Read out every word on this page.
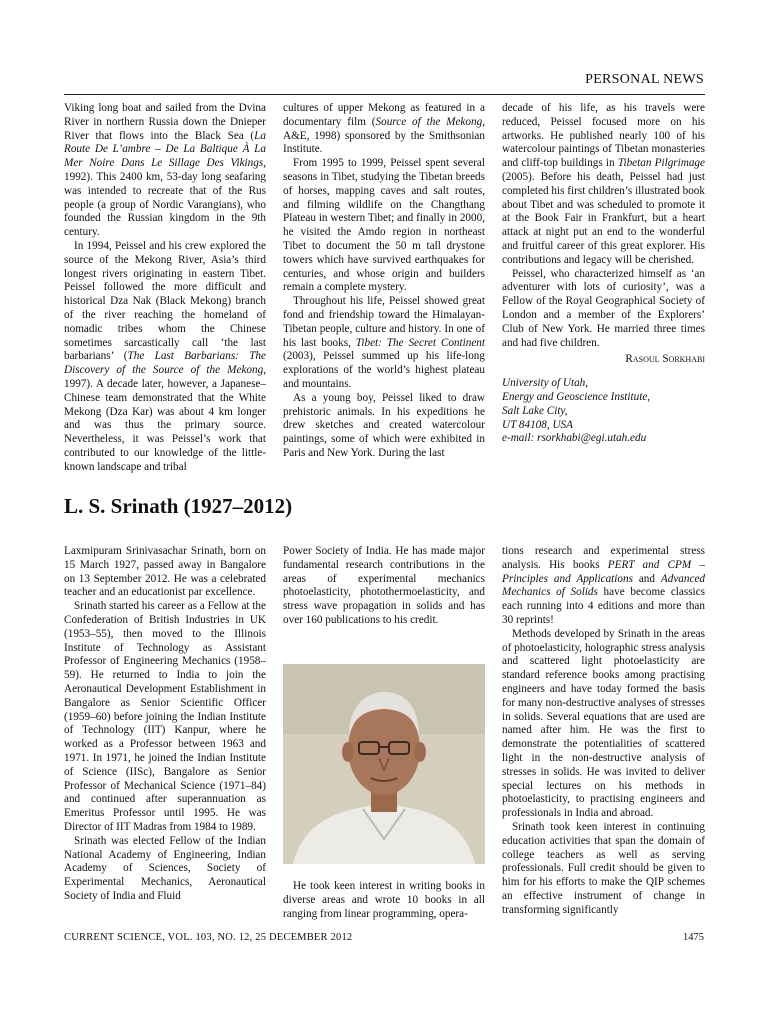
PERSONAL NEWS

Viking long boat and sailed from the Dvina River in northern Russia down the Dnieper River that flows into the Black Sea (La Route De L’ambre – De La Baltique À La Mer Noire Dans Le Sillage Des Vikings, 1992). This 2400 km, 53-day long seafaring was intended to recreate that of the Rus people (a group of Nordic Varangians), who founded the Russian kingdom in the 9th century.

In 1994, Peissel and his crew explored the source of the Mekong River, Asia’s third longest rivers originating in eastern Tibet. Peissel followed the more difficult and historical Dza Nak (Black Mekong) branch of the river reaching the homeland of nomadic tribes whom the Chinese sometimes sarcastically call ‘the last barbarians’ (The Last Barbarians: The Discovery of the Source of the Mekong, 1997). A decade later, however, a Japanese–Chinese team demonstrated that the White Mekong (Dza Kar) was about 4 km longer and was thus the primary source. Nevertheless, it was Peissel’s work that contributed to our knowledge of the little-known landscape and tribal

cultures of upper Mekong as featured in a documentary film (Source of the Mekong, A&E, 1998) sponsored by the Smithsonian Institute.

From 1995 to 1999, Peissel spent several seasons in Tibet, studying the Tibetan breeds of horses, mapping caves and salt routes, and filming wildlife on the Changthang Plateau in western Tibet; and finally in 2000, he visited the Amdo region in northeast Tibet to document the 50 m tall drystone towers which have survived earthquakes for centuries, and whose origin and builders remain a complete mystery.

Throughout his life, Peissel showed great fond and friendship toward the Himalayan-Tibetan people, culture and history. In one of his last books, Tibet: The Secret Continent (2003), Peissel summed up his life-long explorations of the world’s highest plateau and mountains.

As a young boy, Peissel liked to draw prehistoric animals. In his expeditions he drew sketches and created watercolour paintings, some of which were exhibited in Paris and New York. During the last

decade of his life, as his travels were reduced, Peissel focused more on his artworks. He published nearly 100 of his watercolour paintings of Tibetan monasteries and cliff-top buildings in Tibetan Pilgrimage (2005). Before his death, Peissel had just completed his first children’s illustrated book about Tibet and was scheduled to promote it at the Book Fair in Frankfurt, but a heart attack at night put an end to the wonderful and fruitful career of this great explorer. His contributions and legacy will be cherished.

Peissel, who characterized himself as ‘an adventurer with lots of curiosity’, was a Fellow of the Royal Geographical Society of London and a member of the Explorers’ Club of New York. He married three times and had five children.

Rasoul Sorkhabi

University of Utah,
Energy and Geoscience Institute,
Salt Lake City,
UT 84108, USA
e-mail: rsorkhabi@egi.utah.edu
L. S. Srinath (1927–2012)

Laxmipuram Srinivasachar Srinath, born on 15 March 1927, passed away in Bangalore on 13 September 2012. He was a celebrated teacher and an educationist par excellence.

Srinath started his career as a Fellow at the Confederation of British Industries in UK (1953–55), then moved to the Illinois Institute of Technology as Assistant Professor of Engineering Mechanics (1958–59). He returned to India to join the Aeronautical Development Establishment in Bangalore as Senior Scientific Officer (1959–60) before joining the Indian Institute of Technology (IIT) Kanpur, where he worked as a Professor between 1963 and 1971. In 1971, he joined the Indian Institute of Science (IISc), Bangalore as Senior Professor of Mechanical Science (1971–84) and continued after superannuation as Emeritus Professor until 1995. He was Director of IIT Madras from 1984 to 1989.

Srinath was elected Fellow of the Indian National Academy of Engineering, Indian Academy of Sciences, Society of Experimental Mechanics, Aeronautical Society of India and Fluid

Power Society of India. He has made major fundamental research contributions in the areas of experimental mechanics photoelasticity, photothermoelasticity, and stress wave propagation in solids and has over 160 publications to his credit.

He took keen interest in writing books in diverse areas and wrote 10 books in all ranging from linear programming, opera-

tions research and experimental stress analysis. His books PERT and CPM – Principles and Applications and Advanced Mechanics of Solids have become classics each running into 4 editions and more than 30 reprints!

Methods developed by Srinath in the areas of photoelasticity, holographic stress analysis and scattered light photoelasticity are standard reference books among practising engineers and have today formed the basis for many non-destructive analyses of stresses in solids. Several equations that are used are named after him. He was the first to demonstrate the potentialities of scattered light in the non-destructive analysis of stresses in solids. He was invited to deliver special lectures on his methods in photoelasticity, to practising engineers and professionals in India and abroad.

Srinath took keen interest in continuing education activities that span the domain of college teachers as well as serving professionals. Full credit should be given to him for his efforts to make the QIP schemes an effective instrument of change in transforming significantly

CURRENT SCIENCE, VOL. 103, NO. 12, 25 DECEMBER 2012	1475
